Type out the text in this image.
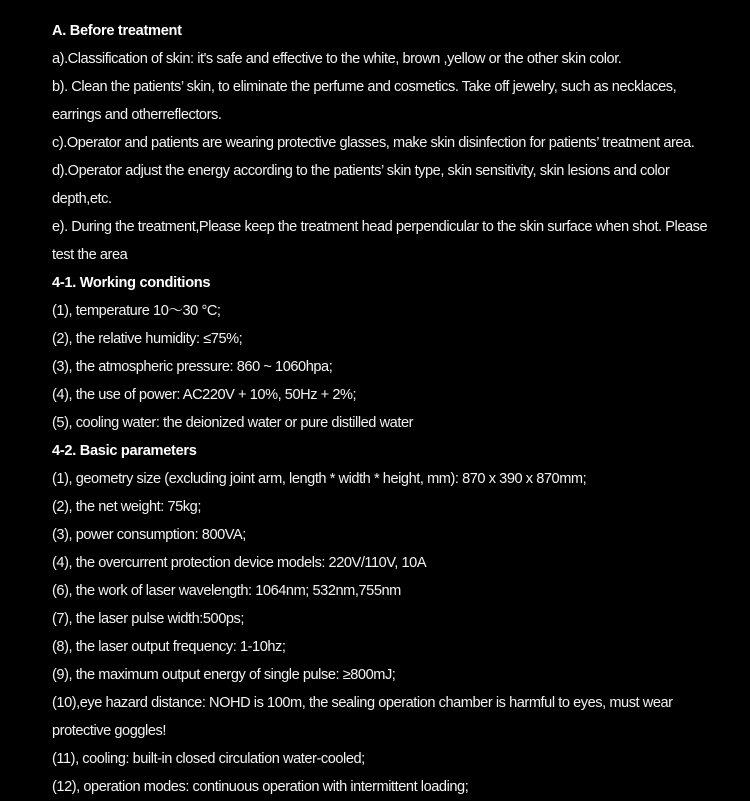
A. Before treatment
a).Classification of skin: it's safe and effective to the white, brown ,yellow or the other skin color.
b). Clean the patients’ skin, to eliminate the perfume and cosmetics. Take off jewelry, such as necklaces,
earrings and otherreflectors.
c).Operator and patients are wearing protective glasses, make skin disinfection for patients’ treatment area.
d).Operator adjust the energy according to the patients’ skin type, skin sensitivity, skin lesions and color
depth,etc.
e). During the treatment,Please keep the treatment head perpendicular to the skin surface when shot. Please
test the area
4-1. Working conditions
(1), temperature 10～30 °C;
(2), the relative humidity: ≤75%;
(3), the atmospheric pressure: 860 ~ 1060hpa;
(4), the use of power: AC220V + 10%, 50Hz + 2%;
(5), cooling water: the deionized water or pure distilled water
4-2. Basic parameters
(1), geometry size (excluding joint arm, length * width * height, mm): 870 x 390 x 870mm;
(2), the net weight: 75kg;
(3), power consumption: 800VA;
(4), the overcurrent protection device models: 220V/110V, 10A
(6), the work of laser wavelength: 1064nm; 532nm,755nm
(7), the laser pulse width:500ps;
(8), the laser output frequency: 1-10hz;
(9), the maximum output energy of single pulse: ≥800mJ;
(10),eye hazard distance: NOHD is 100m, the sealing operation chamber is harmful to eyes, must wear
protective goggles!
(11), cooling: built-in closed circulation water-cooled;
(12), operation modes: continuous operation with intermittent loading;
